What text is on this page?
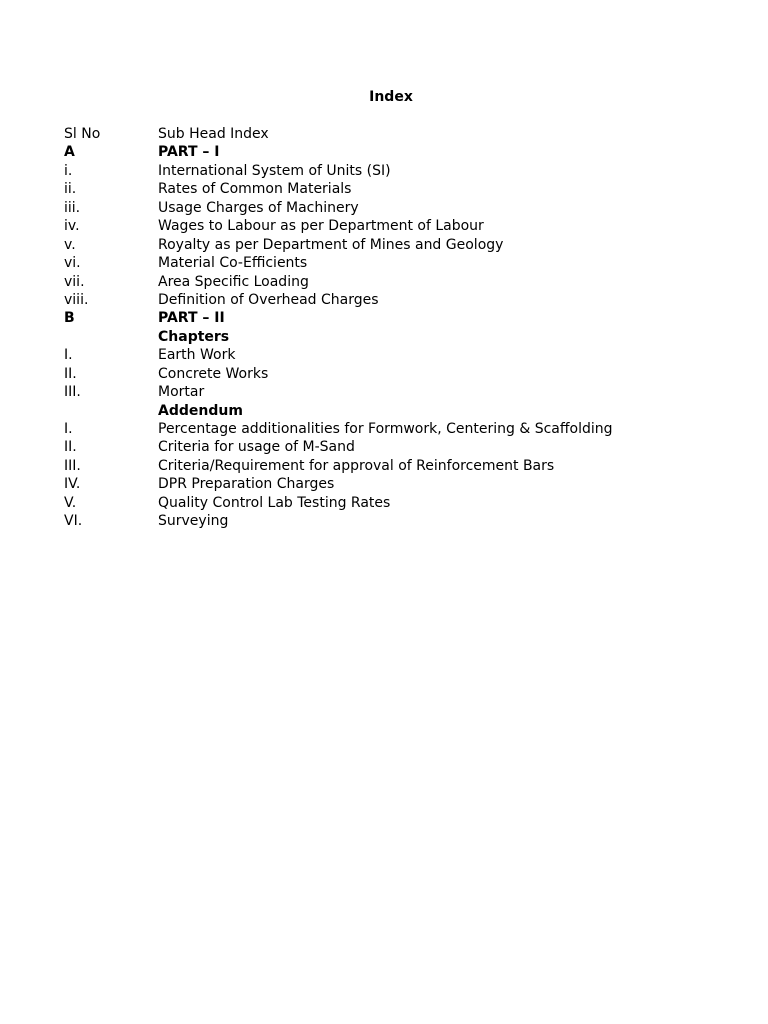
Index
Sl No	Sub Head Index
A	PART – I
i.	International System of Units (SI)
ii.	Rates of Common Materials
iii.	Usage Charges of Machinery
iv.	Wages to Labour as per Department of Labour
v.	Royalty as per Department of Mines and Geology
vi.	Material Co-Efficients
vii.	Area Specific Loading
viii.	Definition of Overhead Charges
B	PART – II
Chapters
I.	Earth Work
II.	Concrete Works
III.	Mortar
Addendum
I.	Percentage additionalities for Formwork, Centering & Scaffolding
II.	Criteria for usage of M-Sand
III.	Criteria/Requirement for approval of Reinforcement Bars
IV.	DPR Preparation Charges
V.	Quality Control Lab Testing Rates
VI.	Surveying
